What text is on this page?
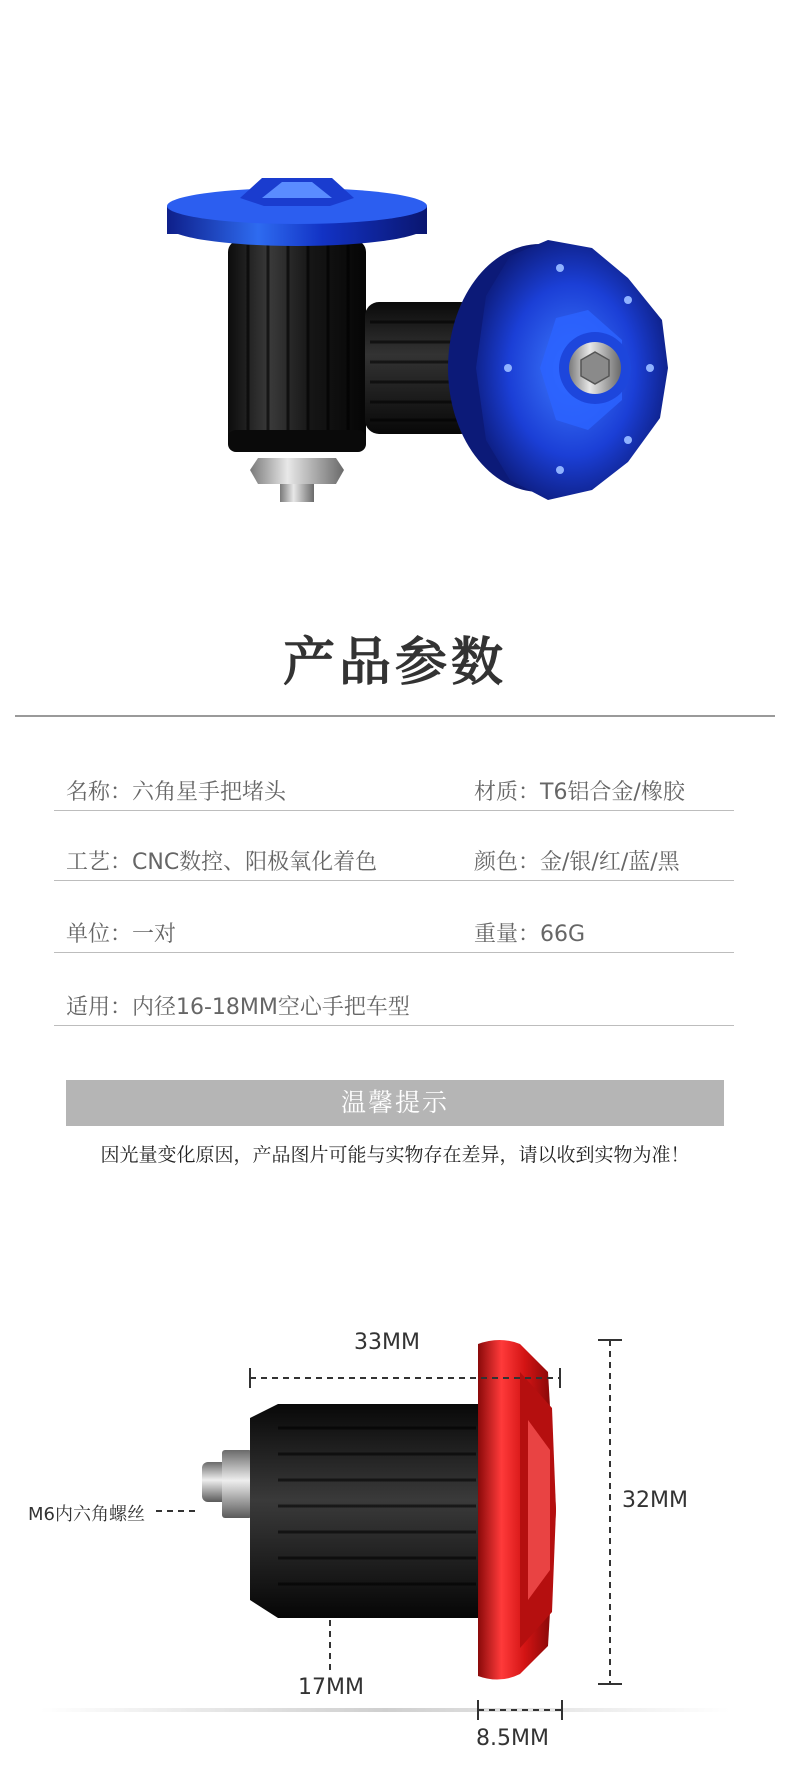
产品参数
名称：六角星手把堵头	材质：T6铝合金/橡胶
工艺：CNC数控、阳极氧化着色	颜色：金/银/红/蓝/黑
单位：一对	重量：66G
适用：内径16-18MM空心手把车型
温馨提示
因光量变化原因，产品图片可能与实物存在差异，请以收到实物为准！
33MM
32MM
M6内六角螺丝
17MM
8.5MM
